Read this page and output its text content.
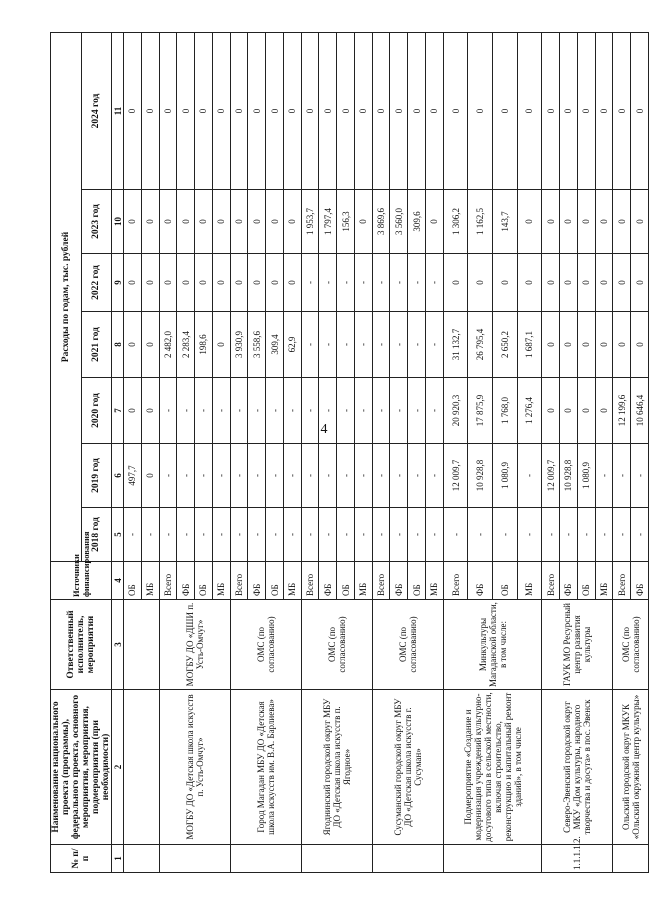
4
№ п/п	Наименование национального проекта (программы), федерального проекта, основного мероприятия, мероприятия, подмероприятия (при необходимости)	Ответственный исполнитель, мероприятия	Источники финансирования	Расходы по годам, тыс. рублей						
				2018 год	2019 год	2020 год	2021 год	2022 год	2023 год	2024 год
1	2	3	4	5	6	7	8	9	10	11
			ОБ	-	497,7	0	0	0	0	0
			МБ	-	0	0	0	0	0	0
	МОГБУ ДО «Детская школа искусств п. Усть-Омчуг»	МОГБУ ДО «ДШИ п. Усть-Омчуг»	Всего	-	-	-	2 482,0	0	0	0
			ФБ	-	-	-	2 283,4	0	0	0
			ОБ	-	-	-	198,6	0	0	0
			МБ	-	-	-	0	0	0	0
	Город Магадан МБУ ДО «Детская школа искусств им. В.А. Барлиева»	ОМС (по согласованию)	Всего	-	-	-	3 930,9	0	0	0
			ФБ	-	-	-	3 558,6	0	0	0
			ОБ	-	-	-	309,4	0	0	0
			МБ	-	-	-	62,9	0	0	0
	Ягоднинский городской округ МБУ ДО «Детская школа искусств п. Ягодное»	ОМС (по согласованию)	Всего	-	-	-	-	-	1 953,7	0
			ФБ	-	-	-	-	-	1 797,4	0
			ОБ	-	-	-	-	-	156,3	0
			МБ	-	-	-	-	-	0	0
	Сусуманский городской округ МБУ ДО «Детская школа искусств г. Сусуман»	ОМС (по согласованию)	Всего	-	-	-	-	-	3 869,6	0
			ФБ	-	-	-	-	-	3 560,0	0
			ОБ	-	-	-	-	-	309,6	0
			МБ	-	-	-	-	-	0	0
	Подмероприятие «Создание и модернизация учреждений культурно-досугового типа в сельской местности, включая строительство, реконструкцию и капитальный ремонт зданий», в том числе	Минкультуры Магаданской области, в том числе:	Всего	-	12 009,7	20 920,3	31 132,7	0	1 306,2	0
			ФБ	-	10 928,8	17 875,9	26 795,4	0	1 162,5	0
			ОБ	-	1 080,9	1 768,0	2 650,2	0	143,7	0
			МБ	-	-	1 276,4	1 687,1	0	0	0
1.1.1.1.2.	Северо-Эвенский городской округ МКУ «Дом культуры, народного творчества и досуга» в пос. Эвенск	ГАУК МО Ресурсный центр развития культуры	Всего	-	12 009,7	0	0	0	0	0
			ФБ	-	10 928,8	0	0	0	0	0
			ОБ	-	1 080,9	0	0	0	0	0
			МБ	-	-	0	0	0	0	0
	Ольский городской округ МКУК «Ольский окружной центр культуры»	ОМС (по согласованию)	Всего	-	-	12 199,6	0	0	0	0
			ФБ	-	-	10 646,4	0	0	0	0
